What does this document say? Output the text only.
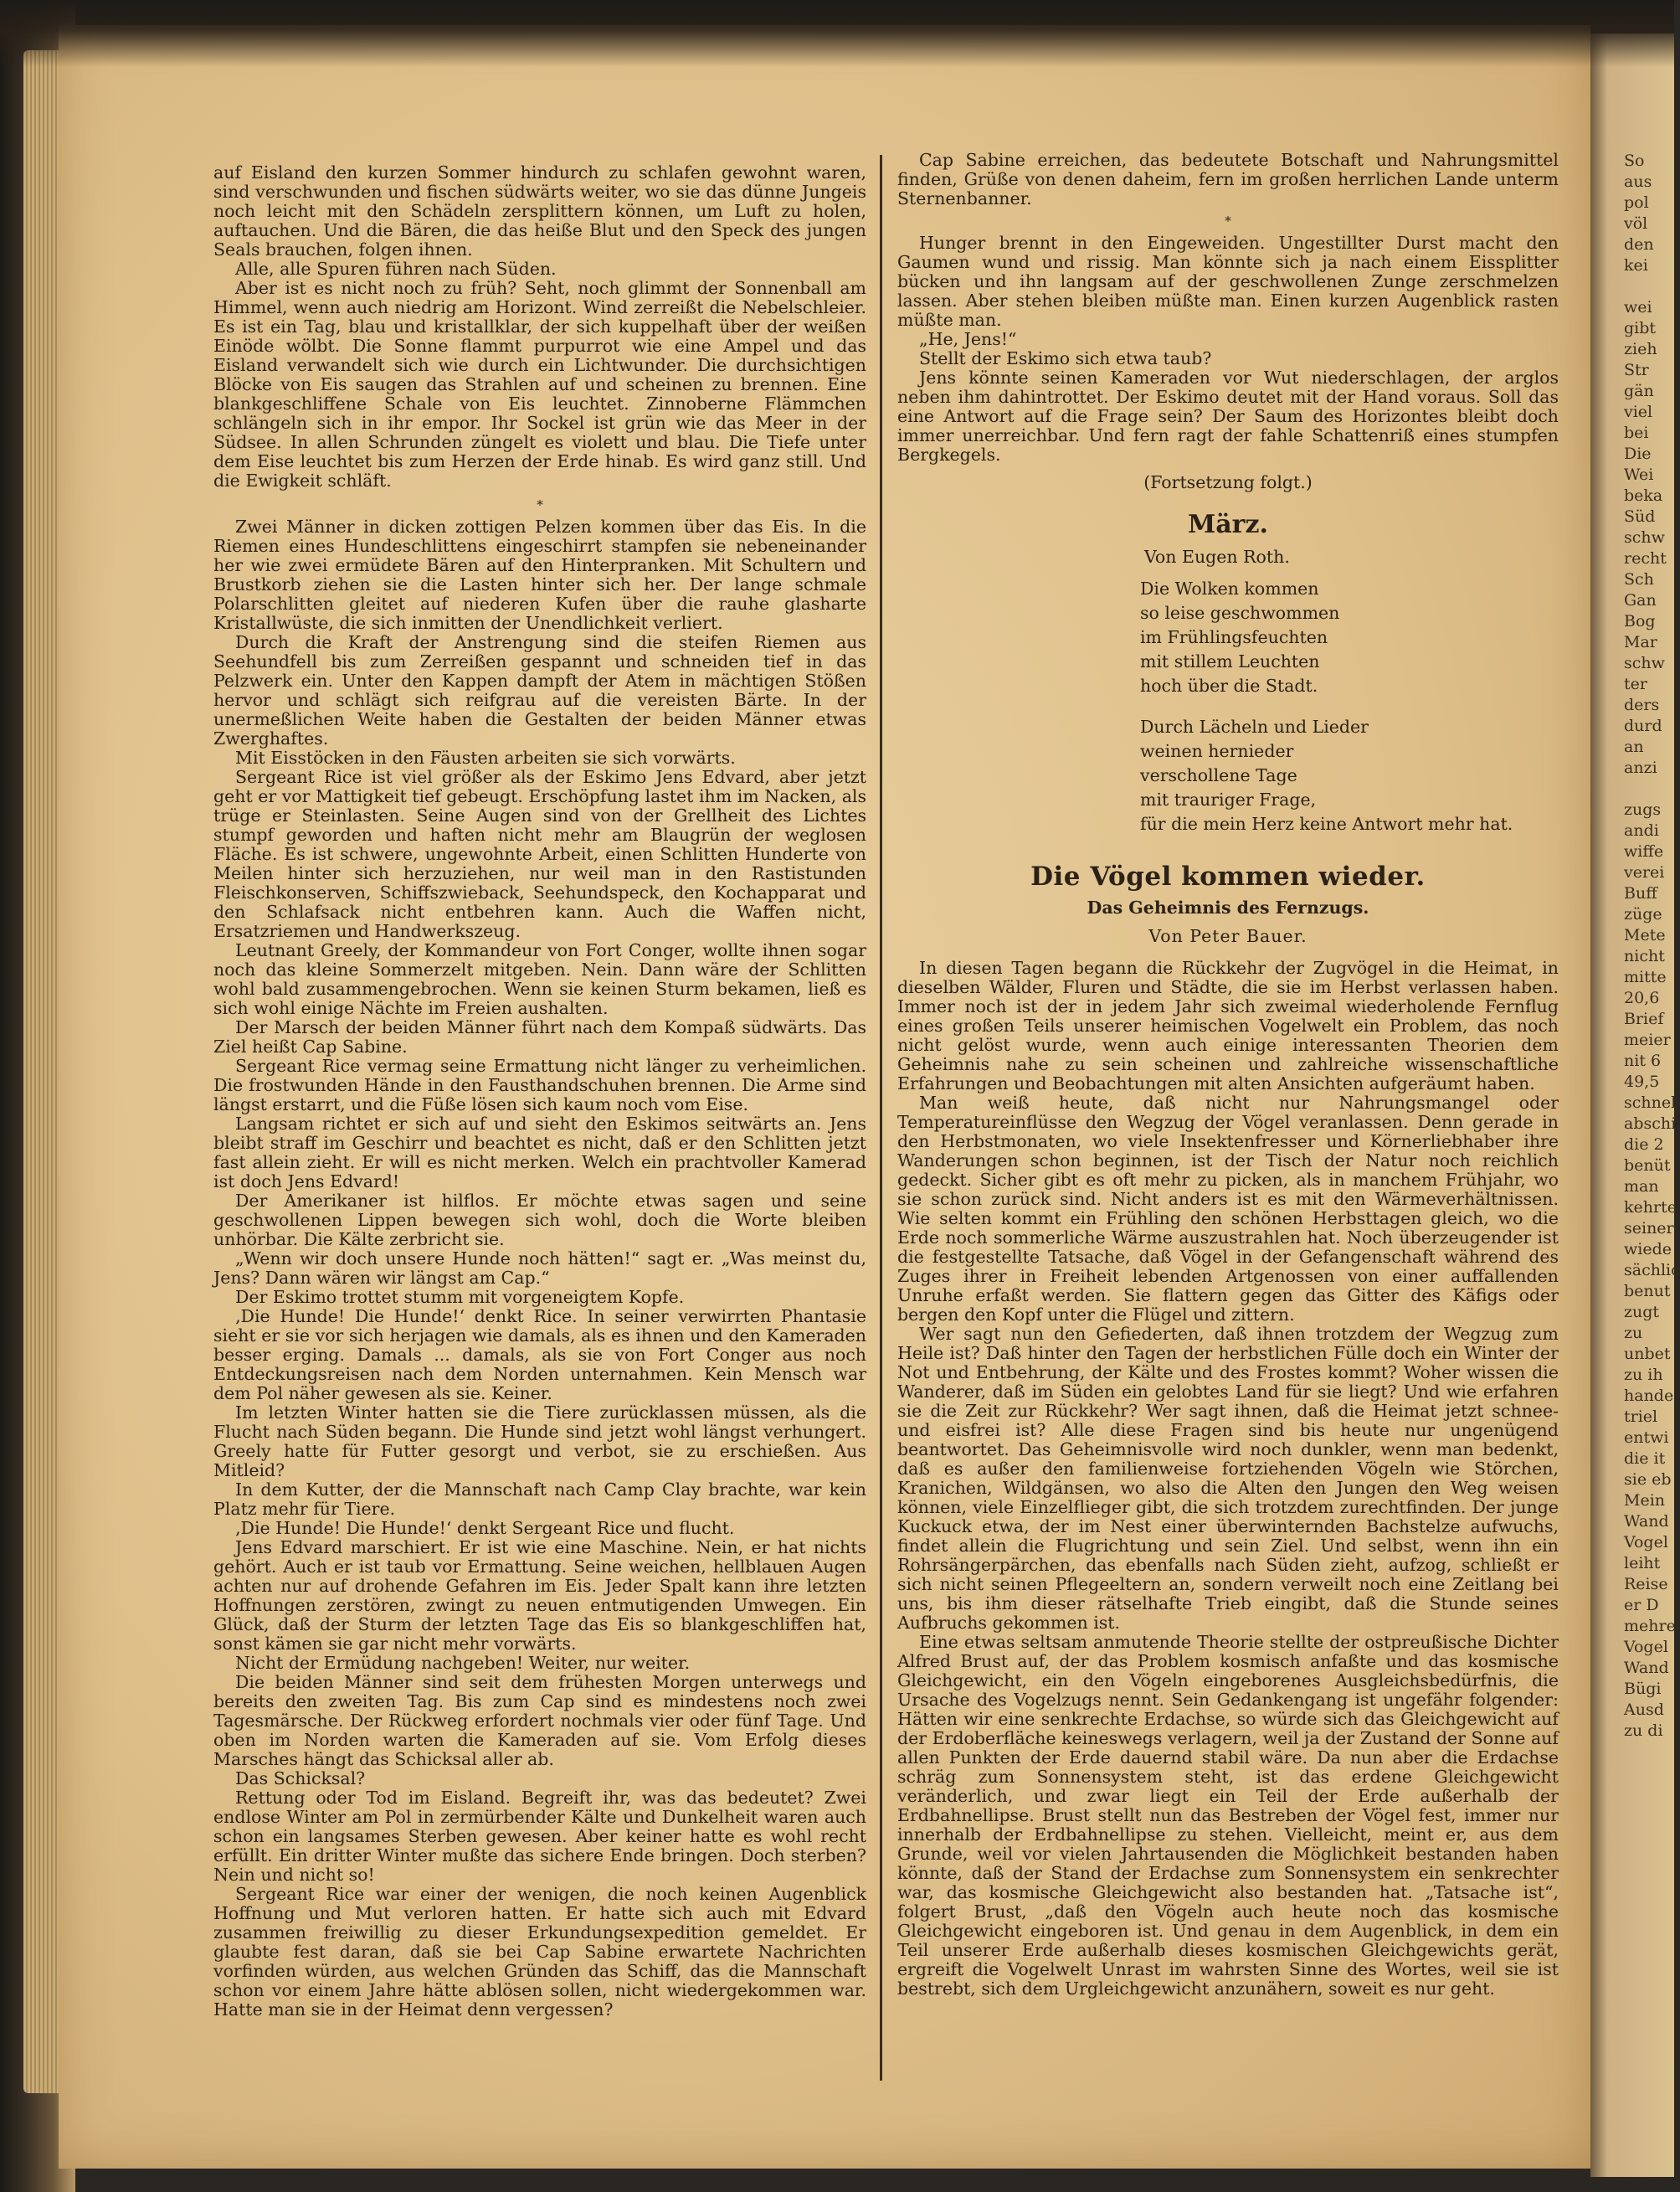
So
aus
pol
völ
den
kei

wei
gibt
zieh
Str
gän
viel
bei
Die
Wei
beka
Süd
schw
recht
Sch
Gan
Bog
Mar
schw
ter
ders
durd
an
anzi

zugs
andi
wiffe
verei
Buff
züge
Mete
nicht
mitte
20,6
Brief
meier
nit 6
49,5
schnel
abschi
die 2
benüt
man
kehrte
seiner
wiede
sächlic
benut
zugt
zu
unbet
zu ih
hande
triel
entwi
die it
sie eb
Mein
Wand
Vogel
leiht
Reise
er D
mehre
Vogel
Wand
Bügi
Ausd
zu di

auf Eisland den kurzen Sommer hindurch zu schlafen gewohnt waren, sind verschwunden und fischen südwärts weiter, wo sie das dünne Jungeis noch leicht mit den Schädeln zersplittern können, um Luft zu holen, auftauchen. Und die Bären, die das heiße Blut und den Speck des jungen Seals brauchen, folgen ihnen.

Alle, alle Spuren führen nach Süden.

Aber ist es nicht noch zu früh? Seht, noch glimmt der Sonnenball am Himmel, wenn auch niedrig am Horizont. Wind zerreißt die Nebelschleier. Es ist ein Tag, blau und kristallklar, der sich kuppelhaft über der weißen Einöde wölbt. Die Sonne flammt purpurrot wie eine Ampel und das Eisland verwandelt sich wie durch ein Lichtwunder. Die durchsichtigen Blöcke von Eis saugen das Strahlen auf und scheinen zu brennen. Eine blankgeschliffene Schale von Eis leuchtet. Zinnoberne Flämmchen schlängeln sich in ihr empor. Ihr Sockel ist grün wie das Meer in der Südsee. In allen Schrunden züngelt es violett und blau. Die Tiefe unter dem Eise leuchtet bis zum Herzen der Erde hinab. Es wird ganz still. Und die Ewigkeit schläft.

*

Zwei Männer in dicken zottigen Pelzen kommen über das Eis. In die Riemen eines Hundeschlittens eingeschirrt stampfen sie nebeneinander her wie zwei ermüdete Bären auf den Hinterpranken. Mit Schultern und Brustkorb ziehen sie die Lasten hinter sich her. Der lange schmale Polarschlitten gleitet auf niederen Kufen über die rauhe glasharte Kristallwüste, die sich inmitten der Unendlichkeit verliert.

Durch die Kraft der Anstrengung sind die steifen Riemen aus Seehundfell bis zum Zerreißen gespannt und schneiden tief in das Pelzwerk ein. Unter den Kappen dampft der Atem in mächtigen Stößen hervor und schlägt sich reifgrau auf die vereisten Bärte. In der unermeßlichen Weite haben die Gestalten der beiden Männer etwas Zwerghaftes.

Mit Eisstöcken in den Fäusten arbeiten sie sich vorwärts.

Sergeant Rice ist viel größer als der Eskimo Jens Edvard, aber jetzt geht er vor Mattigkeit tief gebeugt. Erschöpfung lastet ihm im Nacken, als trüge er Steinlasten. Seine Augen sind von der Grellheit des Lichtes stumpf geworden und haften nicht mehr am Blaugrün der weglosen Fläche. Es ist schwere, ungewohnte Arbeit, einen Schlitten Hunderte von Meilen hinter sich herzuziehen, nur weil man in den Rastistunden Fleischkonserven, Schiffszwieback, Seehundspeck, den Kochapparat und den Schlafsack nicht entbehren kann. Auch die Waffen nicht, Ersatzriemen und Handwerkszeug.

Leutnant Greely, der Kommandeur von Fort Conger, wollte ihnen sogar noch das kleine Sommerzelt mitgeben. Nein. Dann wäre der Schlitten wohl bald zusammengebrochen. Wenn sie keinen Sturm bekamen, ließ es sich wohl einige Nächte im Freien aushalten.

Der Marsch der beiden Männer führt nach dem Kompaß südwärts. Das Ziel heißt Cap Sabine.

Sergeant Rice vermag seine Ermattung nicht länger zu verheimlichen. Die frostwunden Hände in den Fausthandschuhen brennen. Die Arme sind längst erstarrt, und die Füße lösen sich kaum noch vom Eise.

Langsam richtet er sich auf und sieht den Eskimos seitwärts an. Jens bleibt straff im Geschirr und beachtet es nicht, daß er den Schlitten jetzt fast allein zieht. Er will es nicht merken. Welch ein prachtvoller Kamerad ist doch Jens Edvard!

Der Amerikaner ist hilflos. Er möchte etwas sagen und seine geschwollenen Lippen bewegen sich wohl, doch die Worte bleiben unhörbar. Die Kälte zerbricht sie.

„Wenn wir doch unsere Hunde noch hätten!“ sagt er. „Was meinst du, Jens? Dann wären wir längst am Cap.“

Der Eskimo trottet stumm mit vorgeneigtem Kopfe.

‚Die Hunde! Die Hunde!‘ denkt Rice. In seiner verwirrten Phantasie sieht er sie vor sich herjagen wie damals, als es ihnen und den Kameraden besser erging. Damals ... damals, als sie von Fort Conger aus noch Entdeckungsreisen nach dem Norden unternahmen. Kein Mensch war dem Pol näher gewesen als sie. Keiner.

Im letzten Winter hatten sie die Tiere zurücklassen müssen, als die Flucht nach Süden begann. Die Hunde sind jetzt wohl längst verhungert. Greely hatte für Futter gesorgt und verbot, sie zu erschießen. Aus Mitleid?

In dem Kutter, der die Mannschaft nach Camp Clay brachte, war kein Platz mehr für Tiere.

‚Die Hunde! Die Hunde!‘ denkt Sergeant Rice und flucht.

Jens Edvard marschiert. Er ist wie eine Maschine. Nein, er hat nichts gehört. Auch er ist taub vor Ermattung. Seine weichen, hellblauen Augen achten nur auf drohende Gefahren im Eis. Jeder Spalt kann ihre letzten Hoffnungen zerstören, zwingt zu neuen entmutigenden Umwegen. Ein Glück, daß der Sturm der letzten Tage das Eis so blankgeschliffen hat, sonst kämen sie gar nicht mehr vorwärts.

Nicht der Ermüdung nachgeben! Weiter, nur weiter.

Die beiden Männer sind seit dem frühesten Morgen unterwegs und bereits den zweiten Tag. Bis zum Cap sind es mindestens noch zwei Tagesmärsche. Der Rückweg erfordert nochmals vier oder fünf Tage. Und oben im Norden warten die Kameraden auf sie. Vom Erfolg dieses Marsches hängt das Schicksal aller ab.

Das Schicksal?

Rettung oder Tod im Eisland. Begreift ihr, was das bedeutet? Zwei endlose Winter am Pol in zermürbender Kälte und Dunkelheit waren auch schon ein langsames Sterben gewesen. Aber keiner hatte es wohl recht erfüllt. Ein dritter Winter mußte das sichere Ende bringen. Doch sterben? Nein und nicht so!

Sergeant Rice war einer der wenigen, die noch keinen Augenblick Hoffnung und Mut verloren hatten. Er hatte sich auch mit Edvard zusammen freiwillig zu dieser Erkundungsexpedition gemeldet. Er glaubte fest daran, daß sie bei Cap Sabine erwartete Nachrichten vorfinden würden, aus welchen Gründen das Schiff, das die Mannschaft schon vor einem Jahre hätte ablösen sollen, nicht wiedergekommen war. Hatte man sie in der Heimat denn vergessen?

Cap Sabine erreichen, das bedeutete Botschaft und Nahrungsmittel finden, Grüße von denen daheim, fern im großen herrlichen Lande unterm Sternenbanner.

*

Hunger brennt in den Eingeweiden. Ungestillter Durst macht den Gaumen wund und rissig. Man könnte sich ja nach einem Eissplitter bücken und ihn langsam auf der geschwollenen Zunge zerschmelzen lassen. Aber stehen bleiben müßte man. Einen kurzen Augenblick rasten müßte man.

„He, Jens!“

Stellt der Eskimo sich etwa taub?

Jens könnte seinen Kameraden vor Wut niederschlagen, der arglos neben ihm dahintrottet. Der Eskimo deutet mit der Hand voraus. Soll das eine Antwort auf die Frage sein? Der Saum des Horizontes bleibt doch immer unerreichbar. Und fern ragt der fahle Schattenriß eines stumpfen Bergkegels.

(Fortsetzung folgt.)
März.

Von Eugen Roth.

Die Wolken kommen
so leise geschwommen
im Frühlingsfeuchten
mit stillem Leuchten
hoch über die Stadt.
Durch Lächeln und Lieder
weinen hernieder
verschollene Tage
mit trauriger Frage,
für die mein Herz keine Antwort mehr hat.
Die Vögel kommen wieder.
Das Geheimnis des Fernzugs.
Von Peter Bauer.

In diesen Tagen begann die Rückkehr der Zugvögel in die Heimat, in dieselben Wälder, Fluren und Städte, die sie im Herbst verlassen haben. Immer noch ist der in jedem Jahr sich zweimal wiederholende Fernflug eines großen Teils unserer heimischen Vogelwelt ein Problem, das noch nicht gelöst wurde, wenn auch einige interessanten Theorien dem Geheimnis nahe zu sein scheinen und zahlreiche wissenschaftliche Erfahrungen und Beobachtungen mit alten Ansichten aufgeräumt haben.

Man weiß heute, daß nicht nur Nahrungsmangel oder Temperatureinflüsse den Wegzug der Vögel veranlassen. Denn gerade in den Herbstmonaten, wo viele Insektenfresser und Körnerliebhaber ihre Wanderungen schon beginnen, ist der Tisch der Natur noch reichlich gedeckt. Sicher gibt es oft mehr zu picken, als in manchem Frühjahr, wo sie schon zurück sind. Nicht anders ist es mit den Wärmeverhältnissen. Wie selten kommt ein Frühling den schönen Herbsttagen gleich, wo die Erde noch sommerliche Wärme auszustrahlen hat. Noch überzeugender ist die festgestellte Tatsache, daß Vögel in der Gefangenschaft während des Zuges ihrer in Freiheit lebenden Artgenossen von einer auffallenden Unruhe erfaßt werden. Sie flattern gegen das Gitter des Käfigs oder bergen den Kopf unter die Flügel und zittern.

Wer sagt nun den Gefiederten, daß ihnen trotzdem der Wegzug zum Heile ist? Daß hinter den Tagen der herbstlichen Fülle doch ein Winter der Not und Entbehrung, der Kälte und des Frostes kommt? Woher wissen die Wanderer, daß im Süden ein gelobtes Land für sie liegt? Und wie erfahren sie die Zeit zur Rückkehr? Wer sagt ihnen, daß die Heimat jetzt schnee- und eisfrei ist? Alle diese Fragen sind bis heute nur ungenügend beantwortet. Das Geheimnisvolle wird noch dunkler, wenn man bedenkt, daß es außer den familienweise fortziehenden Vögeln wie Störchen, Kranichen, Wildgänsen, wo also die Alten den Jungen den Weg weisen können, viele Einzelflieger gibt, die sich trotzdem zurechtfinden. Der junge Kuckuck etwa, der im Nest einer überwinternden Bachstelze aufwuchs, findet allein die Flugrichtung und sein Ziel. Und selbst, wenn ihn ein Rohrsängerpärchen, das ebenfalls nach Süden zieht, aufzog, schließt er sich nicht seinen Pflegeeltern an, sondern verweilt noch eine Zeitlang bei uns, bis ihm dieser rätselhafte Trieb eingibt, daß die Stunde seines Aufbruchs gekommen ist.

Eine etwas seltsam anmutende Theorie stellte der ostpreußische Dichter Alfred Brust auf, der das Problem kosmisch anfaßte und das kosmische Gleichgewicht, ein den Vögeln eingeborenes Ausgleichsbedürfnis, die Ursache des Vogelzugs nennt. Sein Gedankengang ist ungefähr folgender: Hätten wir eine senkrechte Erdachse, so würde sich das Gleichgewicht auf der Erdoberfläche keineswegs verlagern, weil ja der Zustand der Sonne auf allen Punkten der Erde dauernd stabil wäre. Da nun aber die Erdachse schräg zum Sonnensystem steht, ist das erdene Gleichgewicht veränderlich, und zwar liegt ein Teil der Erde außerhalb der Erdbahnellipse. Brust stellt nun das Bestreben der Vögel fest, immer nur innerhalb der Erdbahnellipse zu stehen. Vielleicht, meint er, aus dem Grunde, weil vor vielen Jahrtausenden die Möglichkeit bestanden haben könnte, daß der Stand der Erdachse zum Sonnensystem ein senkrechter war, das kosmische Gleichgewicht also bestanden hat. „Tatsache ist“, folgert Brust, „daß den Vögeln auch heute noch das kosmische Gleichgewicht eingeboren ist. Und genau in dem Augenblick, in dem ein Teil unserer Erde außerhalb dieses kosmischen Gleichgewichts gerät, ergreift die Vogelwelt Unrast im wahrsten Sinne des Wortes, weil sie ist bestrebt, sich dem Urgleichgewicht anzunähern, soweit es nur geht.
